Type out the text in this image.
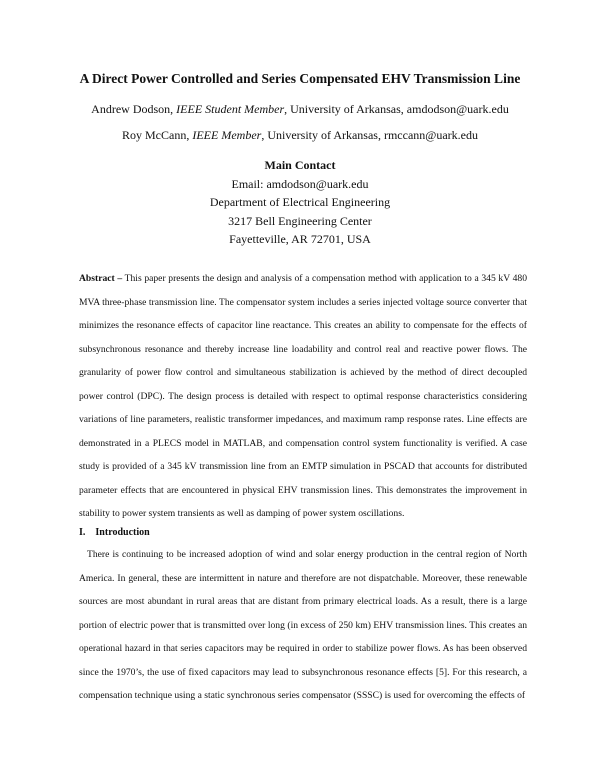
A Direct Power Controlled and Series Compensated EHV Transmission Line
Andrew Dodson, IEEE Student Member, University of Arkansas, amdodson@uark.edu
Roy McCann, IEEE Member, University of Arkansas, rmccann@uark.edu
Main Contact
Email: amdodson@uark.edu
Department of Electrical Engineering
3217 Bell Engineering Center
Fayetteville, AR 72701, USA
Abstract – This paper presents the design and analysis of a compensation method with application to a 345 kV 480 MVA three-phase transmission line. The compensator system includes a series injected voltage source converter that minimizes the resonance effects of capacitor line reactance. This creates an ability to compensate for the effects of subsynchronous resonance and thereby increase line loadability and control real and reactive power flows. The granularity of power flow control and simultaneous stabilization is achieved by the method of direct decoupled power control (DPC). The design process is detailed with respect to optimal response characteristics considering variations of line parameters, realistic transformer impedances, and maximum ramp response rates. Line effects are demonstrated in a PLECS model in MATLAB, and compensation control system functionality is verified. A case study is provided of a 345 kV transmission line from an EMTP simulation in PSCAD that accounts for distributed parameter effects that are encountered in physical EHV transmission lines. This demonstrates the improvement in stability to power system transients as well as damping of power system oscillations.
I. Introduction
There is continuing to be increased adoption of wind and solar energy production in the central region of North America. In general, these are intermittent in nature and therefore are not dispatchable. Moreover, these renewable sources are most abundant in rural areas that are distant from primary electrical loads. As a result, there is a large portion of electric power that is transmitted over long (in excess of 250 km) EHV transmission lines. This creates an operational hazard in that series capacitors may be required in order to stabilize power flows. As has been observed since the 1970’s, the use of fixed capacitors may lead to subsynchronous resonance effects [5]. For this research, a compensation technique using a static synchronous series compensator (SSSC) is used for overcoming the effects of
